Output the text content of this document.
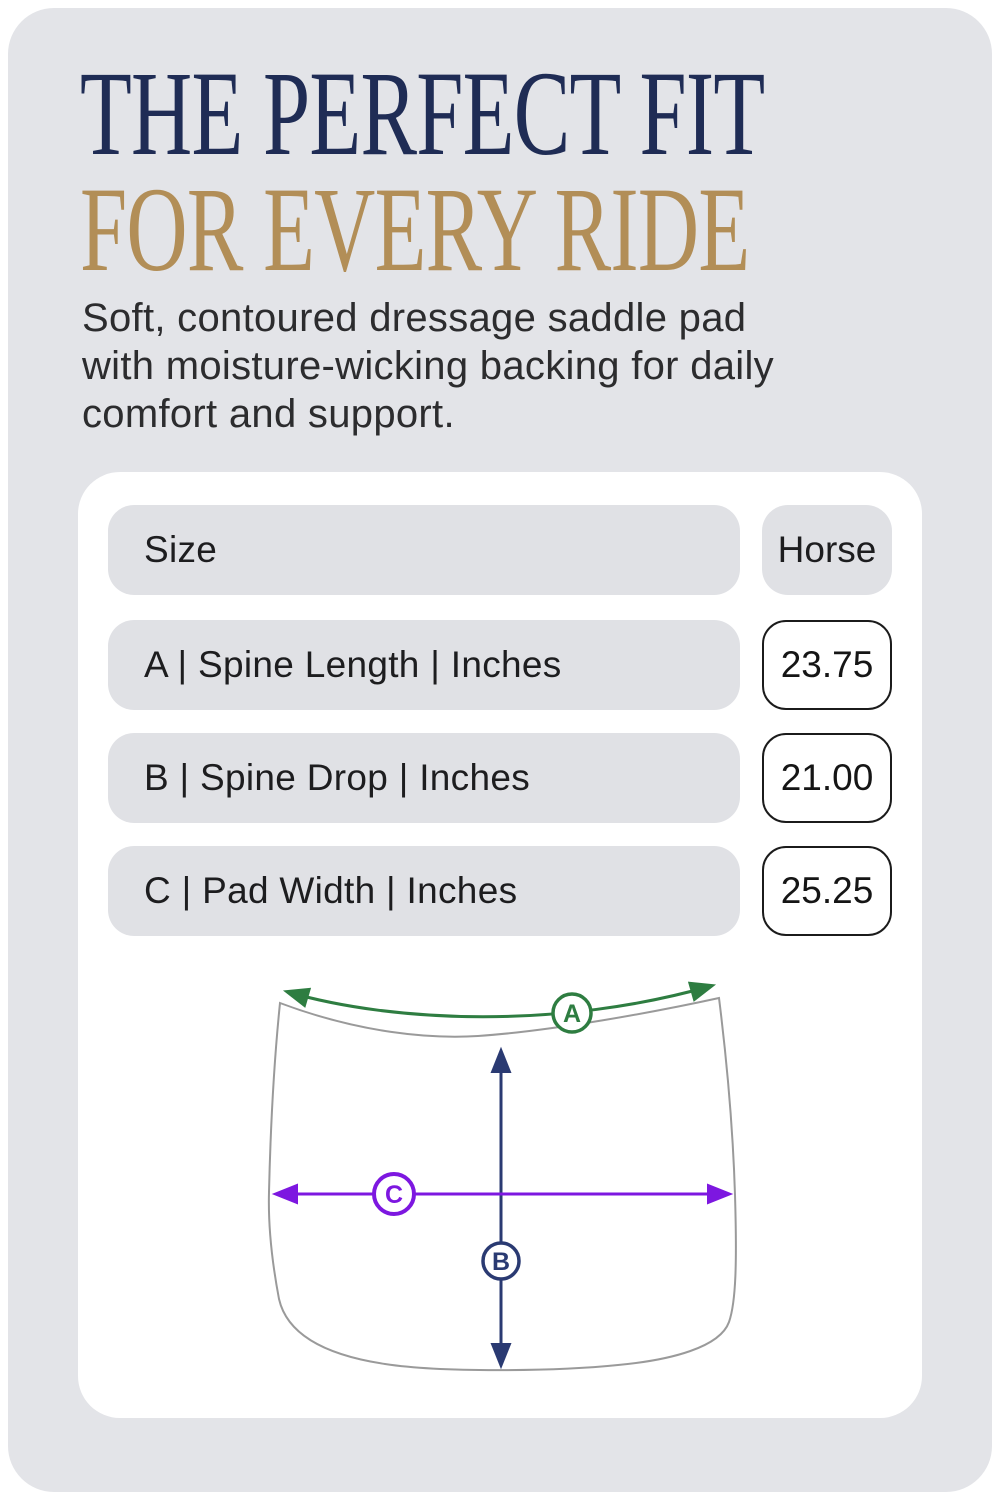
THE PERFECT FIT
FOR EVERY RIDE
Soft, contoured dressage saddle pad
with moisture-wicking backing for daily
comfort and support.
Size	Horse
A | Spine Length | Inches	23.75
B | Spine Drop | Inches	21.00
C | Pad Width | Inches	25.25
A
C
B
